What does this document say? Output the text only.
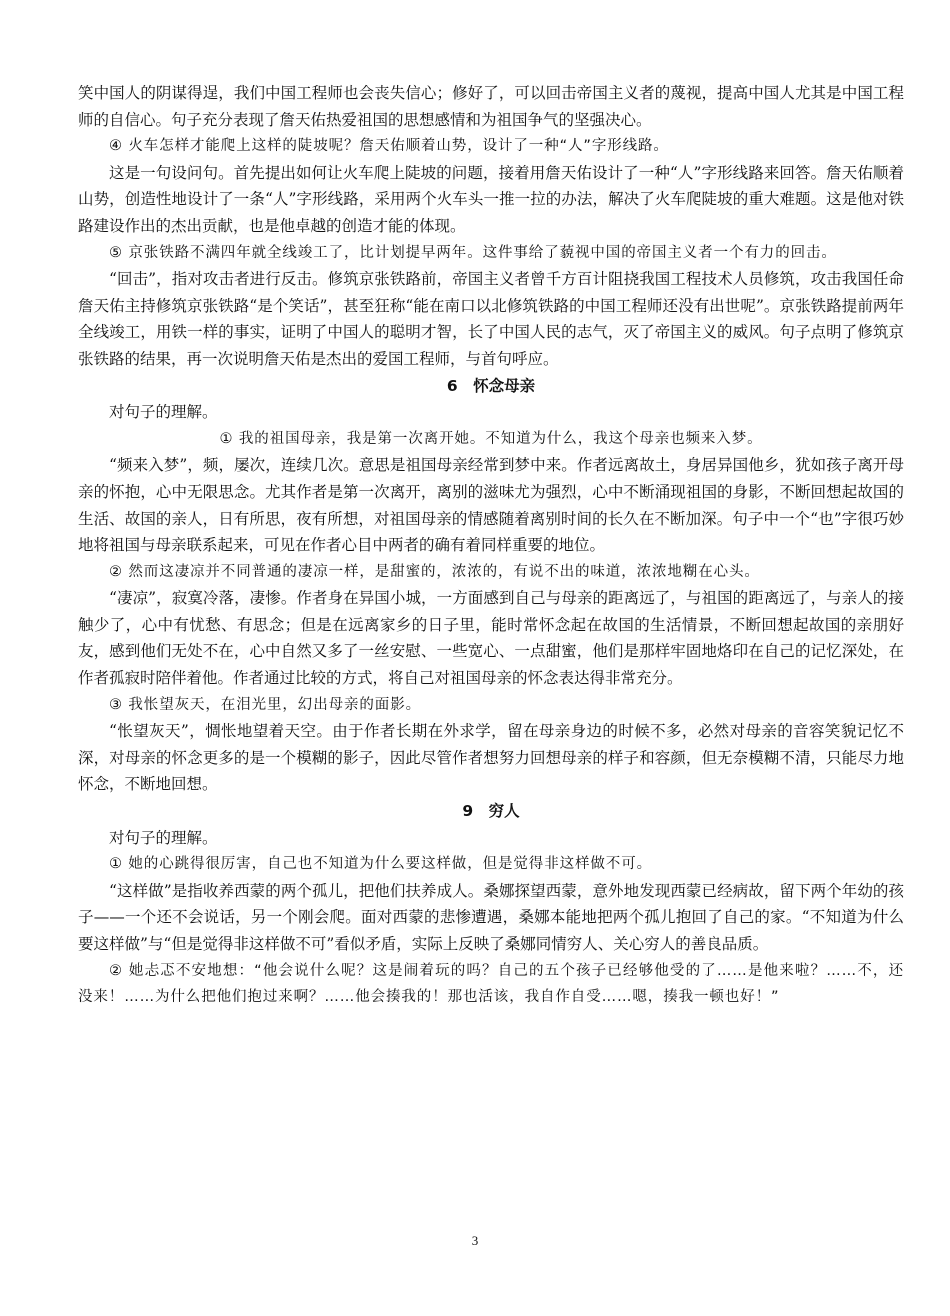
笑中国人的阴谋得逞，我们中国工程师也会丧失信心；修好了，可以回击帝国主义者的蔑视，提高中国人尤其是中国工程师的自信心。句子充分表现了詹天佑热爱祖国的思想感情和为祖国争气的坚强决心。

④ 火车怎样才能爬上这样的陡坡呢？詹天佑顺着山势，设计了一种“人”字形线路。

这是一句设问句。首先提出如何让火车爬上陡坡的问题，接着用詹天佑设计了一种“人”字形线路来回答。詹天佑顺着山势，创造性地设计了一条“人”字形线路，采用两个火车头一推一拉的办法，解决了火车爬陡坡的重大难题。这是他对铁路建设作出的杰出贡献，也是他卓越的创造才能的体现。

⑤ 京张铁路不满四年就全线竣工了，比计划提早两年。这件事给了藐视中国的帝国主义者一个有力的回击。

“回击”，指对攻击者进行反击。修筑京张铁路前，帝国主义者曾千方百计阻挠我国工程技术人员修筑，攻击我国任命詹天佑主持修筑京张铁路“是个笑话”，甚至狂称“能在南口以北修筑铁路的中国工程师还没有出世呢”。京张铁路提前两年全线竣工，用铁一样的事实，证明了中国人的聪明才智，长了中国人民的志气，灭了帝国主义的威风。句子点明了修筑京张铁路的结果，再一次说明詹天佑是杰出的爱国工程师，与首句呼应。

6　怀念母亲

对句子的理解。

① 我的祖国母亲，我是第一次离开她。不知道为什么，我这个母亲也频来入梦。

“频来入梦”，频，屡次，连续几次。意思是祖国母亲经常到梦中来。作者远离故土，身居异国他乡，犹如孩子离开母亲的怀抱，心中无限思念。尤其作者是第一次离开，离别的滋味尤为强烈，心中不断涌现祖国的身影，不断回想起故国的生活、故国的亲人，日有所思，夜有所想，对祖国母亲的情感随着离别时间的长久在不断加深。句子中一个“也”字很巧妙地将祖国与母亲联系起来，可见在作者心目中两者的确有着同样重要的地位。

② 然而这凄凉并不同普通的凄凉一样，是甜蜜的，浓浓的，有说不出的味道，浓浓地糊在心头。

“凄凉”，寂寞冷落，凄惨。作者身在异国小城，一方面感到自己与母亲的距离远了，与祖国的距离远了，与亲人的接触少了，心中有忧愁、有思念；但是在远离家乡的日子里，能时常怀念起在故国的生活情景，不断回想起故国的亲朋好友，感到他们无处不在，心中自然又多了一丝安慰、一些宽心、一点甜蜜，他们是那样牢固地烙印在自己的记忆深处，在作者孤寂时陪伴着他。作者通过比较的方式，将自己对祖国母亲的怀念表达得非常充分。

③ 我怅望灰天，在泪光里，幻出母亲的面影。

“怅望灰天”，惆怅地望着天空。由于作者长期在外求学，留在母亲身边的时候不多，必然对母亲的音容笑貌记忆不深，对母亲的怀念更多的是一个模糊的影子，因此尽管作者想努力回想母亲的样子和容颜，但无奈模糊不清，只能尽力地怀念，不断地回想。

9　穷人

对句子的理解。

① 她的心跳得很厉害，自己也不知道为什么要这样做，但是觉得非这样做不可。

“这样做”是指收养西蒙的两个孤儿，把他们扶养成人。桑娜探望西蒙，意外地发现西蒙已经病故，留下两个年幼的孩子——一个还不会说话，另一个刚会爬。面对西蒙的悲惨遭遇，桑娜本能地把两个孤儿抱回了自己的家。“不知道为什么要这样做”与“但是觉得非这样做不可”看似矛盾，实际上反映了桑娜同情穷人、关心穷人的善良品质。

② 她忐忑不安地想：“他会说什么呢？这是闹着玩的吗？自己的五个孩子已经够他受的了……是他来啦？……不，还没来！……为什么把他们抱过来啊？……他会揍我的！那也活该，我自作自受……嗯，揍我一顿也好！”

3
